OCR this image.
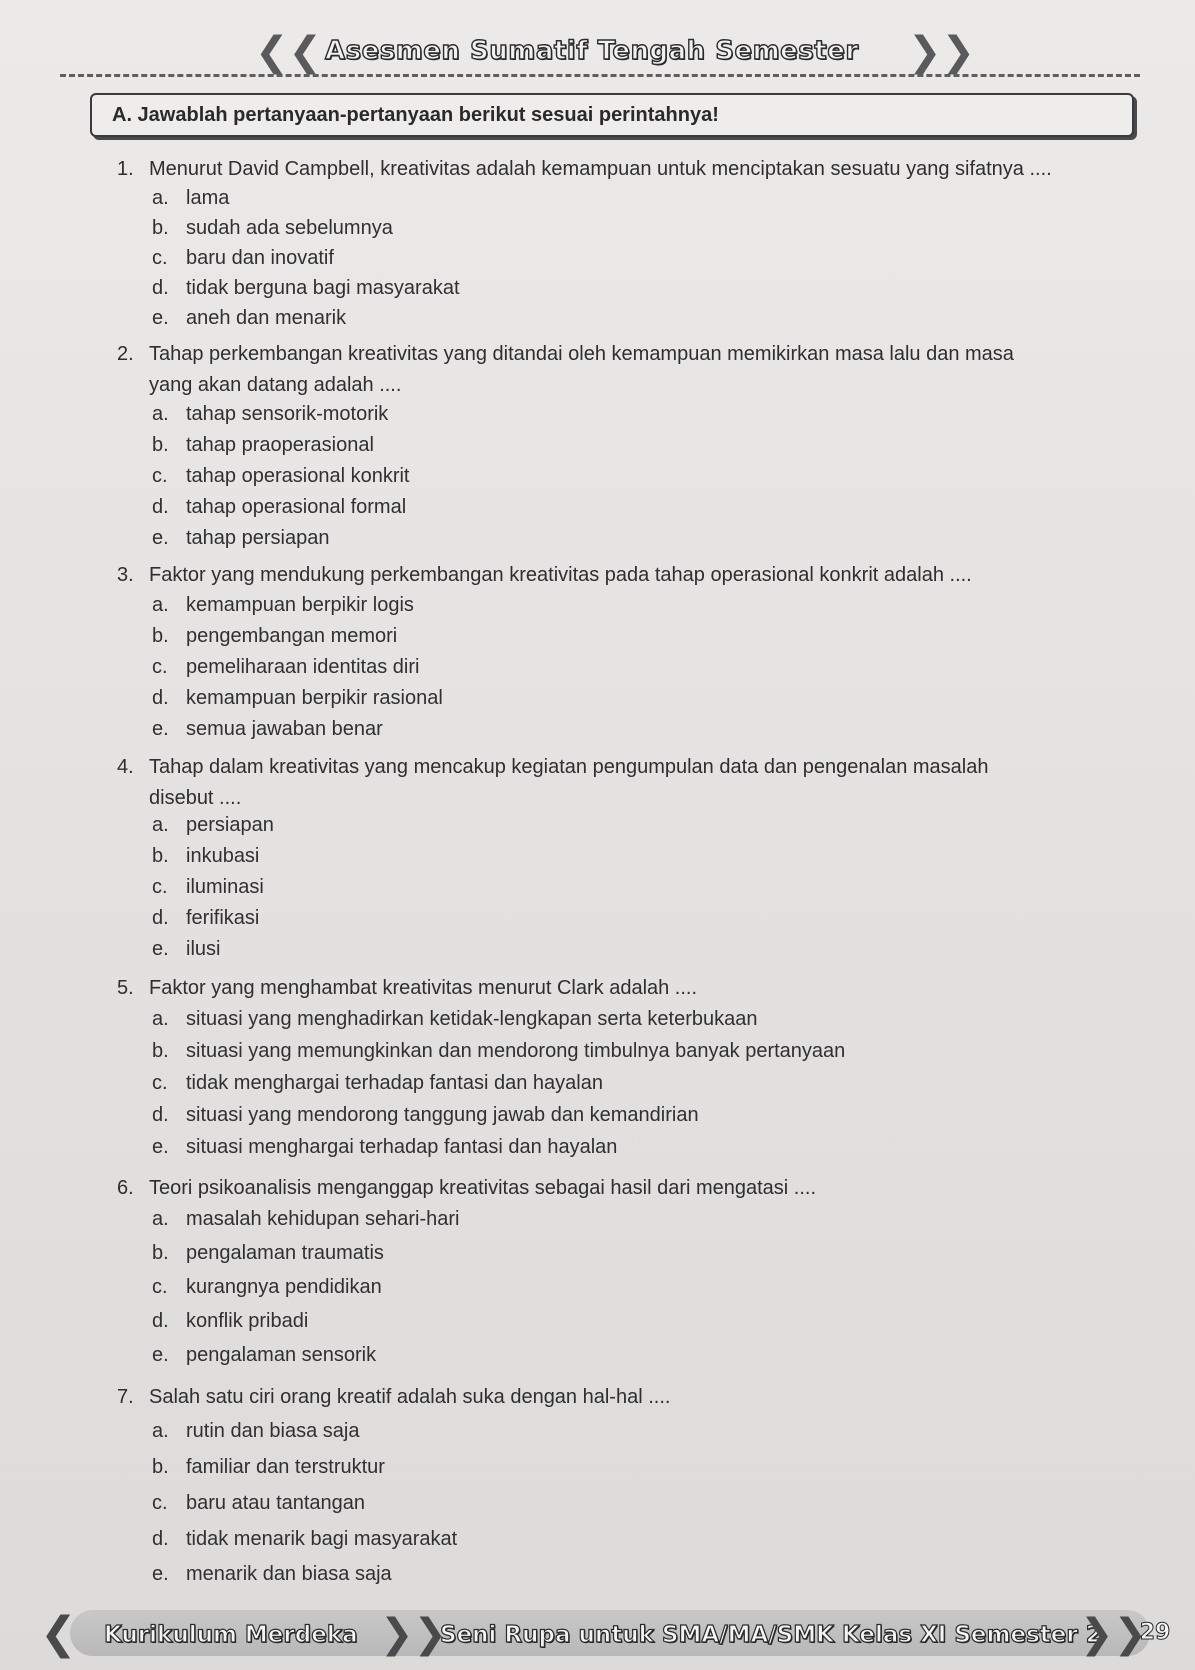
❮❮ Asesmen Sumatif Tengah Semester ❯❯
A. Jawablah pertanyaan-pertanyaan berikut sesuai perintahnya!
1. Menurut David Campbell, kreativitas adalah kemampuan untuk menciptakan sesuatu yang sifatnya ....
a. lama
b. sudah ada sebelumnya
c. baru dan inovatif
d. tidak berguna bagi masyarakat
e. aneh dan menarik
2. Tahap perkembangan kreativitas yang ditandai oleh kemampuan memikirkan masa lalu dan masa
yang akan datang adalah ....
a. tahap sensorik-motorik
b. tahap praoperasional
c. tahap operasional konkrit
d. tahap operasional formal
e. tahap persiapan
3. Faktor yang mendukung perkembangan kreativitas pada tahap operasional konkrit adalah ....
a. kemampuan berpikir logis
b. pengembangan memori
c. pemeliharaan identitas diri
d. kemampuan berpikir rasional
e. semua jawaban benar
4. Tahap dalam kreativitas yang mencakup kegiatan pengumpulan data dan pengenalan masalah
disebut ....
a. persiapan
b. inkubasi
c. iluminasi
d. ferifikasi
e. ilusi
5. Faktor yang menghambat kreativitas menurut Clark adalah ....
a. situasi yang menghadirkan ketidak-lengkapan serta keterbukaan
b. situasi yang memungkinkan dan mendorong timbulnya banyak pertanyaan
c. tidak menghargai terhadap fantasi dan hayalan
d. situasi yang mendorong tanggung jawab dan kemandirian
e. situasi menghargai terhadap fantasi dan hayalan
6. Teori psikoanalisis menganggap kreativitas sebagai hasil dari mengatasi ....
a. masalah kehidupan sehari-hari
b. pengalaman traumatis
c. kurangnya pendidikan
d. konflik pribadi
e. pengalaman sensorik
7. Salah satu ciri orang kreatif adalah suka dengan hal-hal ....
a. rutin dan biasa saja
b. familiar dan terstruktur
c. baru atau tantangan
d. tidak menarik bagi masyarakat
e. menarik dan biasa saja
❮ Kurikulum Merdeka ❯❯
Seni Rupa untuk SMA/MA/SMK Kelas XI Semester 2
❯❯
29
